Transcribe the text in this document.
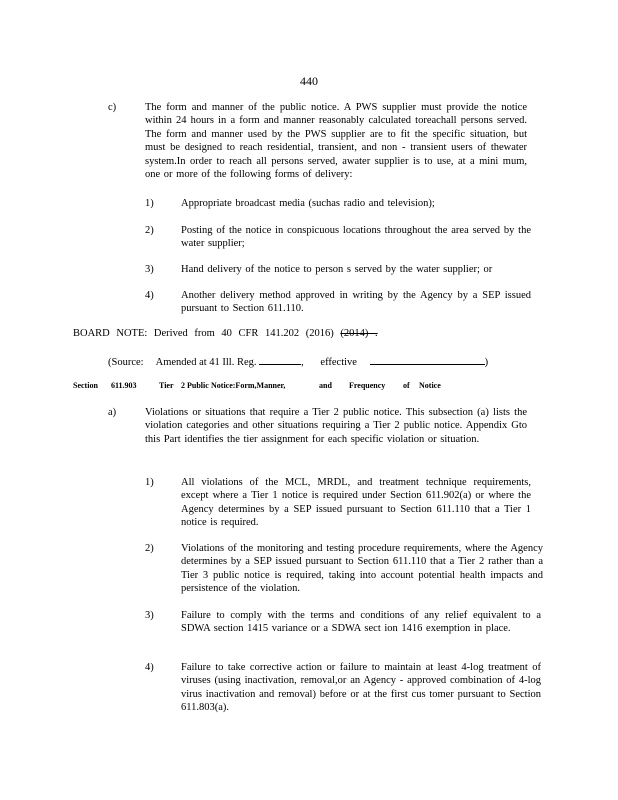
440
c)	The form and manner of the public notice. A PWS supplier must provide the notice within 24 hours in a form and manner reasonably calculated toreachall persons served. The form and manner used by the PWS supplier are to fit the specific situation, but must be designed to reach residential, transient, and non - transient users of thewater system.In order to reach all persons served, awater supplier is to use, at a mini mum, one or more of the following forms of delivery:

1)	Appropriate broadcast media (suchas radio and television);

2)	Posting of the notice in conspicuous locations throughout the area served by the water supplier;

3)	Hand delivery of the notice to person s served by the water supplier; or

4)	Another delivery method approved in writing by the Agency by a SEP issued pursuant to Section 611.110.

BOARD NOTE: Derived from 40 CFR 141.202 (2016) (2014) .
(Source: Amended at 41 Ill. Reg.	, effective	)
Section	611.903	Tier 2 Public Notice:Form,Manner,	and	Frequency	of	Notice
a)	Violations or situations that require a Tier 2 public notice. This subsection (a) lists the violation categories and other situations requiring a Tier 2 public notice. Appendix Gto this Part identifies the tier assignment for each specific violation or situation.

1)	All violations of the MCL, MRDL, and treatment technique requirements, except where a Tier 1 notice is required under Section 611.902(a) or where the Agency determines by a SEP issued pursuant to Section 611.110 that a Tier 1 notice is required.

2)	Violations of the monitoring and testing procedure requirements, where the Agency determines by a SEP issued pursuant to Section 611.110 that a Tier 2 rather than a Tier 3 public notice is required, taking into account potential health impacts and persistence of the violation.

3)	Failure to comply with the terms and conditions of any relief equivalent to a SDWA section 1415 variance or a SDWA sect ion 1416 exemption in place.

4)	Failure to take corrective action or failure to maintain at least 4-log treatment of viruses (using inactivation, removal,or an Agency - approved combination of 4-log virus inactivation and removal) before or at the first cus tomer pursuant to Section 611.803(a).
